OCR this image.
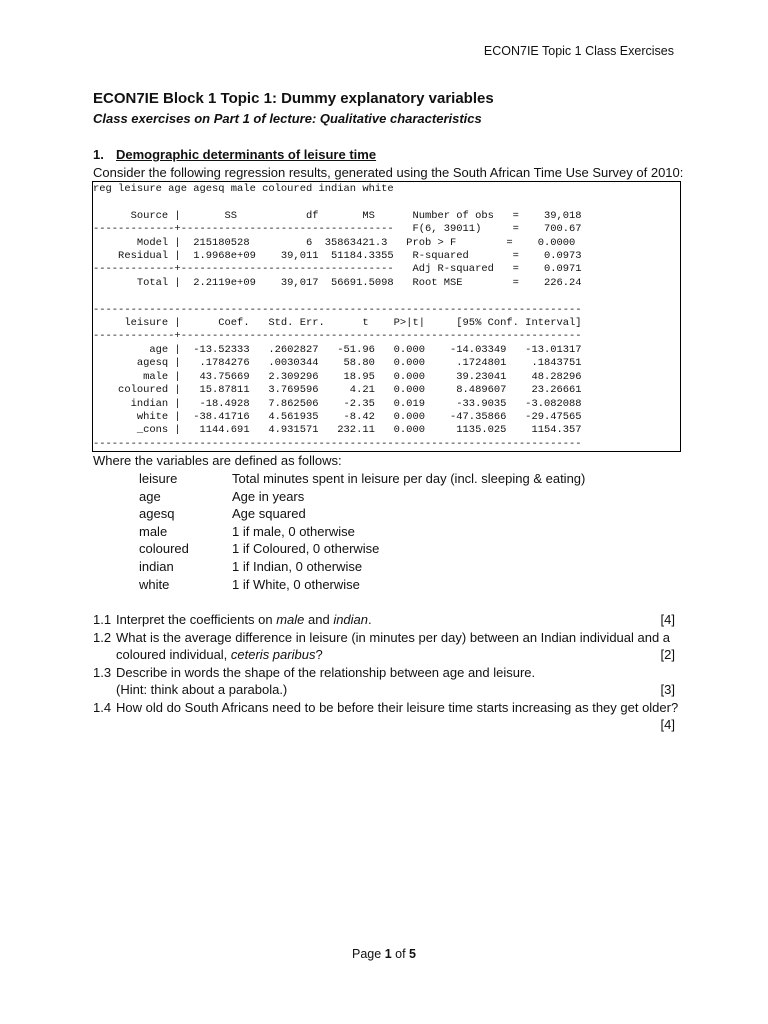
ECON7IE Topic 1 Class Exercises
ECON7IE Block 1 Topic 1: Dummy explanatory variables
Class exercises on Part 1 of lecture: Qualitative characteristics
1. Demographic determinants of leisure time
Consider the following regression results, generated using the South African Time Use Survey of 2010:
reg leisure age agesq male coloured indian white

Source |       SS           df       MS      Number of obs   =    39,018
-------------+----------------------------------   F(6, 39011)     =    700.67
Model |  215180528         6  35863421.3   Prob > F        =    0.0000
Residual |  1.9968e+09    39,011  51184.3355   R-squared       =    0.0973
-------------+----------------------------------   Adj R-squared   =    0.0971
Total |  2.2119e+09    39,017  56691.5098   Root MSE        =    226.24

------------------------------------------------------------------------------
leisure |      Coef.   Std. Err.      t    P>|t|     [95% Conf. Interval]
-------------+----------------------------------------------------------------
age |  -13.52333   .2602827   -51.96   0.000    -14.03349   -13.01317
agesq |   .1784276   .0030344    58.80   0.000     .1724801    .1843751
male |   43.75669   2.309296    18.95   0.000     39.23041    48.28296
coloured |   15.87811   3.769596     4.21   0.000     8.489607    23.26661
indian |   -18.4928   7.862506    -2.35   0.019     -33.9035   -3.082088
white |  -38.41716   4.561935    -8.42   0.000    -47.35866   -29.47565
_cons |   1144.691   4.931571   232.11   0.000     1135.025    1154.357
------------------------------------------------------------------------------
Where the variables are defined as follows:
leisure	Total minutes spent in leisure per day (incl. sleeping & eating)
age	Age in years
agesq	Age squared
male	1 if male, 0 otherwise
coloured	1 if Coloured, 0 otherwise
indian	1 if Indian, 0 otherwise
white	1 if White, 0 otherwise
1.1 Interpret the coefficients on male and indian.	[4]
1.2 What is the average difference in leisure (in minutes per day) between an Indian individual and a
coloured individual, ceteris paribus?	[2]
1.3 Describe in words the shape of the relationship between age and leisure.
(Hint: think about a parabola.)	[3]
1.4 How old do South Africans need to be before their leisure time starts increasing as they get older?

[4]
Page 1 of 5
